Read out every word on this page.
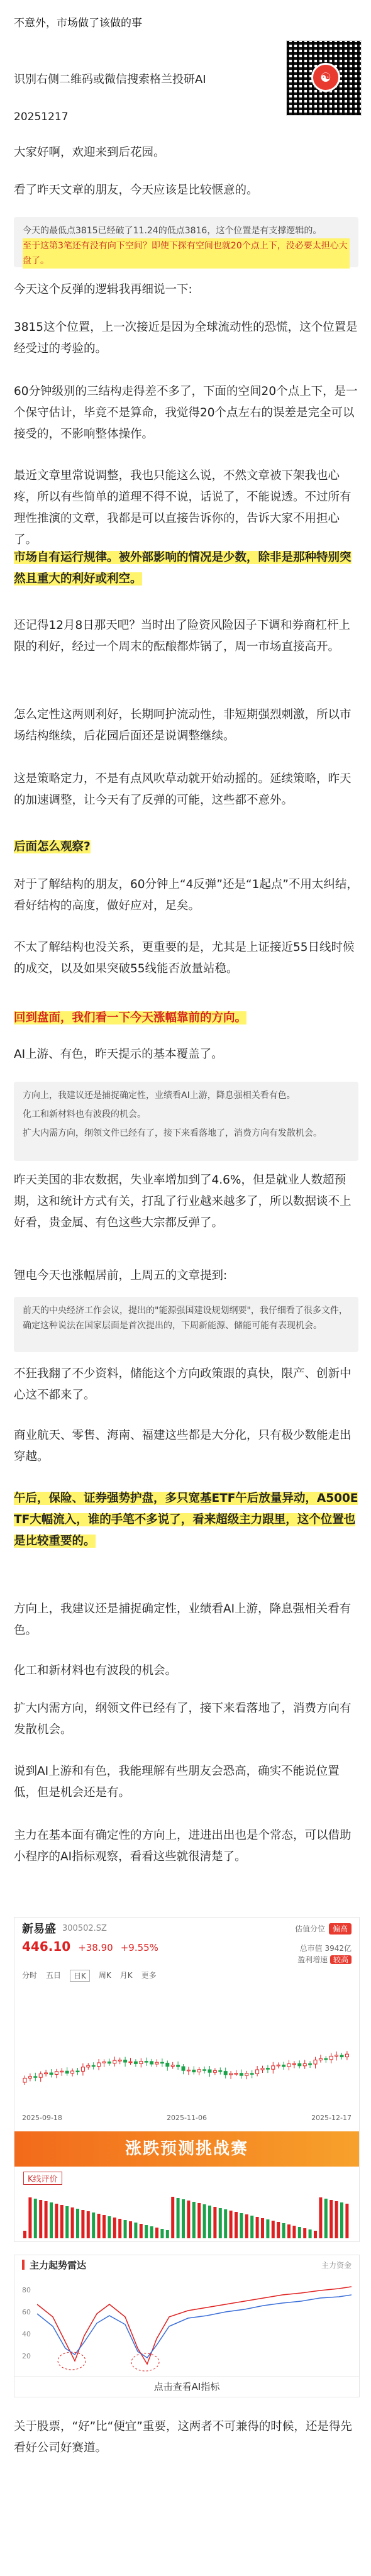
不意外，市场做了该做的事
识别右侧二维码或微信搜索格兰投研AI	☯
20251217

大家好啊，欢迎来到后花园。

看了昨天文章的朋友，今天应该是比较惬意的。

今天的最低点3815已经破了11.24的低点3816，这个位置是有支撑逻辑的。
至于这第3笔还有没有向下空间？即使下探有空间也就20个点上下，没必要太担心大盘了。

今天这个反弹的逻辑我再细说一下:

3815这个位置，上一次接近是因为全球流动性的恐慌，这个位置是经受过的考验的。

60分钟级别的三结构走得差不多了，下面的空间20个点上下，是一个保守估计，毕竟不是算命，我觉得20个点左右的误差是完全可以接受的，不影响整体操作。

最近文章里常说调整，我也只能这么说，不然文章被下架我也心疼，所以有些简单的道理不得不说，话说了，不能说透。不过所有理性推演的文章，我都是可以直接告诉你的，告诉大家不用担心了。

市场自有运行规律。被外部影响的情况是少数，除非是那种特别突然且重大的利好或利空。

还记得12月8日那天吧？当时出了险资风险因子下调和券商杠杆上限的利好，经过一个周末的酝酿都炸锅了，周一市场直接高开。

怎么定性这两则利好，长期呵护流动性，非短期强烈刺激，所以市场结构继续，后花园后面还是说调整继续。

这是策略定力，不是有点风吹草动就开始动摇的。延续策略，昨天的加速调整，让今天有了反弹的可能，这些都不意外。

后面怎么观察?

对于了解结构的朋友，60分钟上“4反弹”还是“1起点”不用太纠结，看好结构的高度，做好应对，足矣。

不太了解结构也没关系，更重要的是，尤其是上证接近55日线时候的成交，以及如果突破55线能否放量站稳。

回到盘面，我们看一下今天涨幅靠前的方向。

AI上游、有色，昨天提示的基本覆盖了。

方向上，我建议还是捕捉确定性，业绩看AI上游，降息强相关看有色。
化工和新材料也有波段的机会。
扩大内需方向，纲领文件已经有了，接下来看落地了，消费方向有发散机会。

昨天美国的非农数据，失业率增加到了4.6%，但是就业人数超预期，这和统计方式有关，打乱了行业越来越多了，所以数据谈不上好看，贵金属、有色这些大宗都反弹了。

锂电今天也涨幅居前，上周五的文章提到:

前天的中央经济工作会议，提出的"能源强国建设规划纲要"，我仔细看了很多文件，确定这种说法在国家层面是首次提出的，下周新能源、储能可能有表现机会。

不狂我翻了不少资料，储能这个方向政策跟的真快，限产、创新中心这不都来了。

商业航天、零售、海南、福建这些都是大分化，只有极少数能走出穿越。

午后，保险、证券强势护盘，多只宽基ETF午后放量异动，A500ETF大幅流入，谁的手笔不多说了，看来超级主力跟里，这个位置也是比较重要的。

方向上，我建议还是捕捉确定性，业绩看AI上游，降息强相关看有色。

化工和新材料也有波段的机会。

扩大内需方向，纲领文件已经有了，接下来看落地了，消费方向有发散机会。

说到AI上游和有色，我能理解有些朋友会恐高，确实不能说位置低，但是机会还是有。

主力在基本面有确定性的方向上，进进出出也是个常态，可以借助小程序的AI指标观察，看看这些就很清楚了。

新易盛 300502.SZ	估值分位 偏高
446.10 +38.90 +9.55%	总市值 3942亿
盈利增速 较高
分时 五日	日K	周K 月K 更多
2025-09-18	2025-11-06	2025-12-17
涨跌预测挑战赛
K线评价
主力起势雷达	主力资金
80
60
40
20
点击查看AI指标

关于股票，“好”比“便宜”重要，这两者不可兼得的时候，还是得先看好公司好赛道。
